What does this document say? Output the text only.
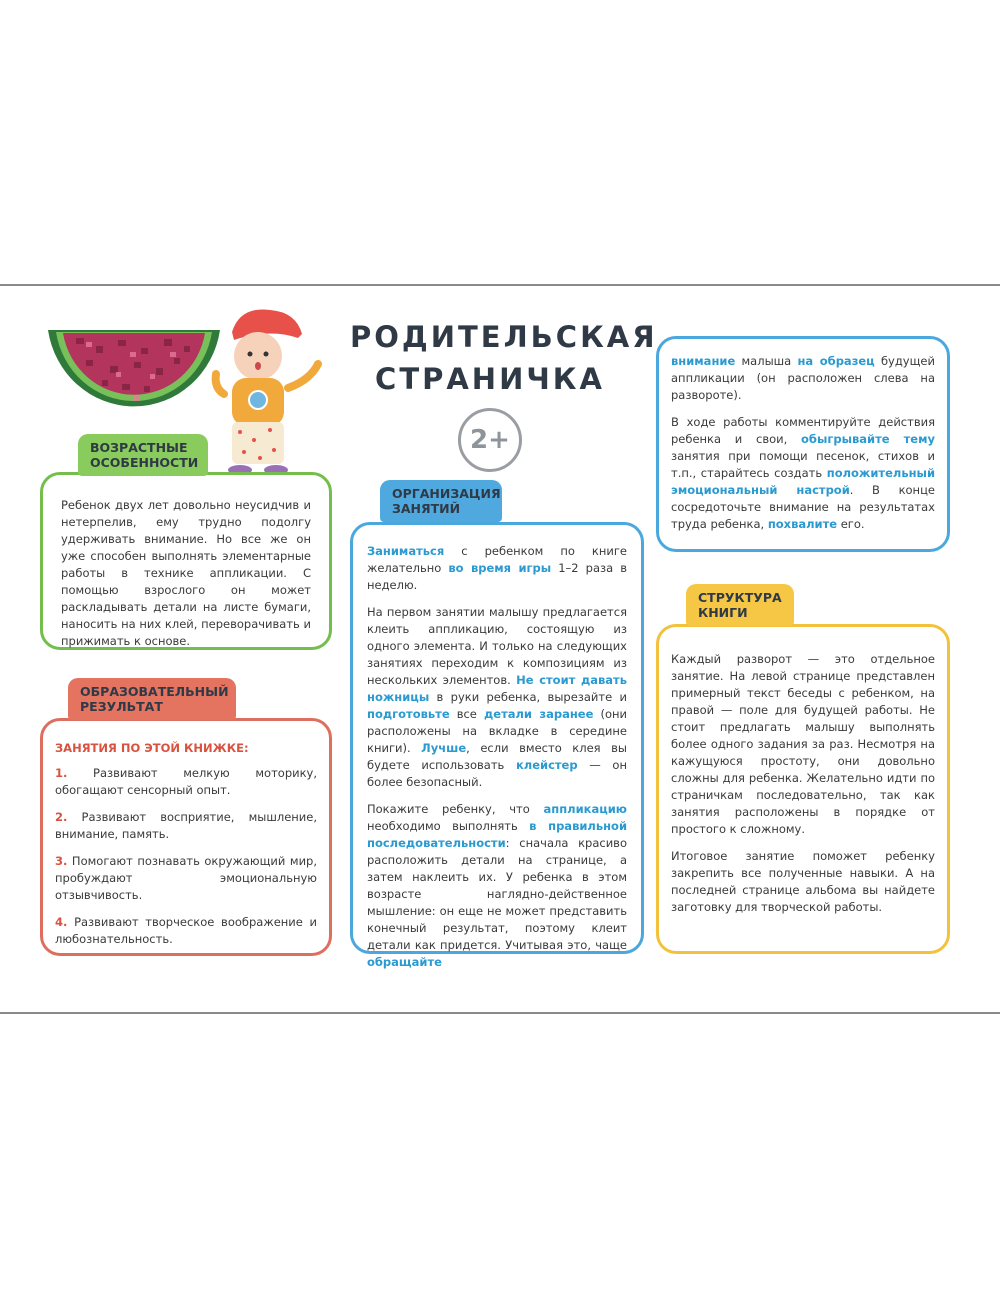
РОДИТЕЛЬСКАЯ
СТРАНИЧКА
2+

Ребенок двух лет довольно неусидчив и нетерпелив, ему трудно подолгу удерживать внимание. Но все же он уже способен выполнять элементарные работы в технике аппликации. С помощью взрослого он может раскладывать детали на листе бумаги, наносить на них клей, переворачивать и прижимать к основе.

ВОЗРАСТНЫЕ ОСОБЕННОСТИ
ЗАНЯТИЯ ПО ЭТОЙ КНИЖКЕ:

1. Развивают мелкую моторику, обогащают сенсорный опыт.

2. Развивают восприятие, мышление, внимание, память.

3. Помогают познавать окружающий мир, пробуждают эмоциональную отзывчивость.

4. Развивают творческое воображение и любознательность.

ОБРАЗОВАТЕЛЬНЫЙ РЕЗУЛЬТАТ

Заниматься с ребенком по книге желательно во время игры 1–2 раза в неделю.

На первом занятии малышу предлагается клеить аппликацию, состоящую из одного элемента. И только на следующих занятиях переходим к композициям из нескольких элементов. Не стоит давать ножницы в руки ребенка, вырезайте и подготовьте все детали заранее (они расположены на вкладке в середине книги). Лучше, если вместо клея вы будете использовать клейстер — он более безопасный.

Покажите ребенку, что аппликацию необходимо выполнять в правильной последовательности: сначала красиво расположить детали на странице, а затем наклеить их. У ребенка в этом возрасте наглядно-действенное мышление: он еще не может представить конечный результат, поэтому клеит детали как придется. Учитывая это, чаще обращайте

ОРГАНИЗАЦИЯ ЗАНЯТИЙ

внимание малыша на образец будущей аппликации (он расположен слева на развороте).

В ходе работы комментируйте действия ребенка и свои, обыгрывайте тему занятия при помощи песенок, стихов и т.п., старайтесь создать положительный эмоциональный настрой. В конце сосредоточьте внимание на результатах труда ребенка, похвалите его.

Каждый разворот — это отдельное занятие. На левой странице представлен примерный текст беседы с ребенком, на правой — поле для будущей работы. Не стоит предлагать малышу выполнять более одного задания за раз. Несмотря на кажущуюся простоту, они довольно сложны для ребенка. Желательно идти по страничкам последовательно, так как занятия расположены в порядке от простого к сложному.

Итоговое занятие поможет ребенку закрепить все полученные навыки. А на последней странице альбома вы найдете заготовку для творческой работы.

СТРУКТУРА КНИГИ
